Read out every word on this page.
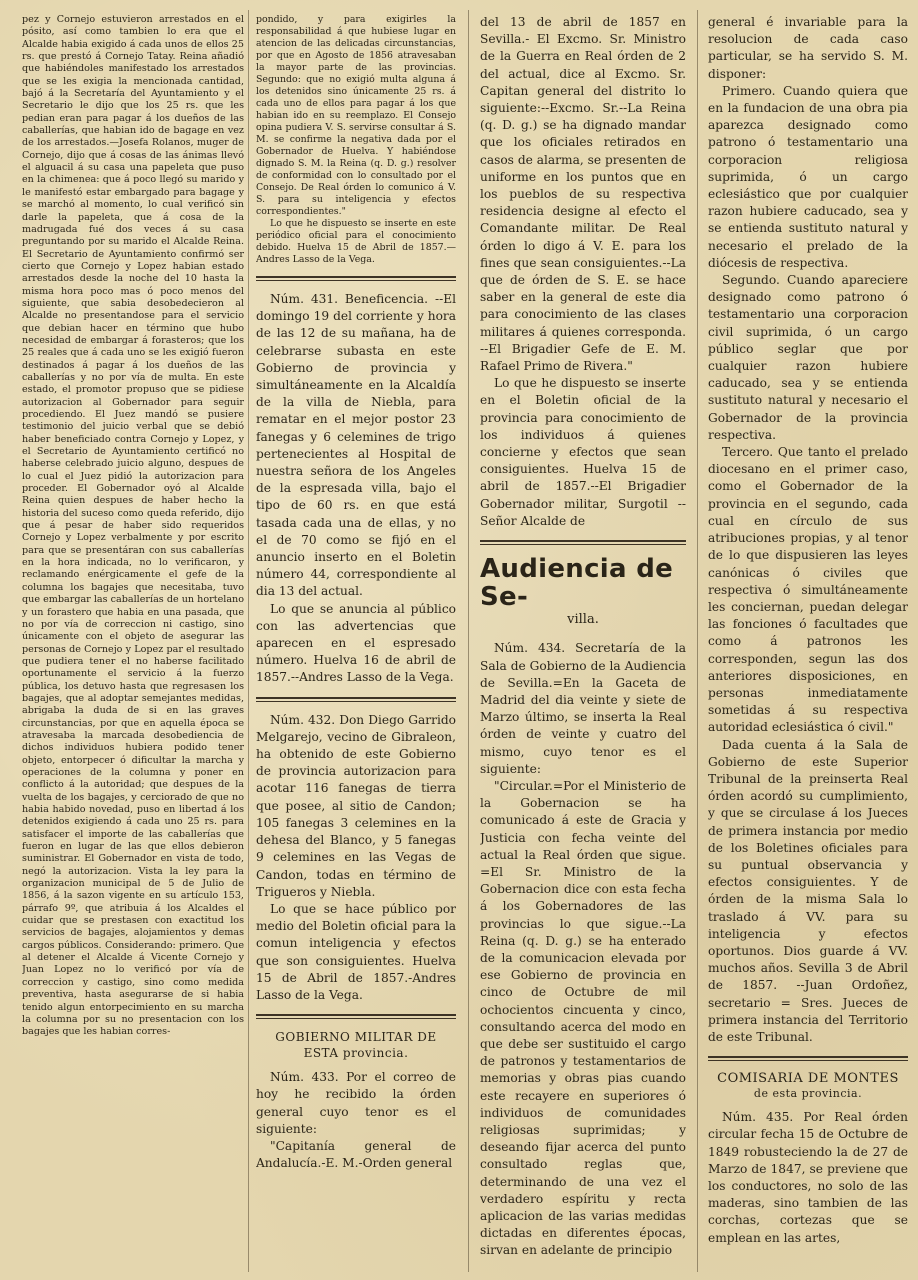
pez y Cornejo estuvieron arrestados en el pósito, así como tambien lo era que el Alcalde habia exigido á cada unos de ellos 25 rs. que prestó á Cornejo Tatay. Reina añadió que habiéndoles manifestado los arrestados que se les exigia la mencionada cantidad, bajó á la Secretaría del Ayuntamiento y el Secretario le dijo que los 25 rs. que les pedian eran para pagar á los dueños de las caballerías, que habian ido de bagage en vez de los arrestados.—Josefa Rolanos, muger de Cornejo, dijo que á cosas de las ánimas llevó el alguacil á su casa una papeleta que puso en la chimenea: que á poco llegó su marido y le manifestó estar embargado para bagage y se marchó al momento, lo cual verificó sin darle la papeleta, que á cosa de la madrugada fué dos veces á su casa preguntando por su marido el Alcalde Reina. El Secretario de Ayuntamiento confirmó ser cierto que Cornejo y Lopez habian estado arrestados desde la noche del 10 hasta la misma hora poco mas ó poco menos del siguiente, que sabia desobedecieron al Alcalde no presentandose para el servicio que debian hacer en término que hubo necesidad de embargar á forasteros; que los 25 reales que á cada uno se les exigió fueron destinados á pagar á los dueños de las caballerías y no por vía de multa. En este estado, el promotor propuso que se pidiese autorizacion al Gobernador para seguir procediendo. El Juez mandó se pusiere testimonio del juicio verbal que se debió haber beneficiado contra Cornejo y Lopez, y el Secretario de Ayuntamiento certificó no haberse celebrado juicio alguno, despues de lo cual el Juez pidió la autorizacion para proceder. El Gobernador oyó al Alcalde Reina quien despues de haber hecho la historia del suceso como queda referido, dijo que á pesar de haber sido requeridos Cornejo y Lopez verbalmente y por escrito para que se presentáran con sus caballerías en la hora indicada, no lo verificaron, y reclamando enérgicamente el gefe de la columna los bagajes que necesitaba, tuvo que embargar las caballerías de un hortelano y un forastero que habia en una pasada, que no por vía de correccion ni castigo, sino únicamente con el objeto de asegurar las personas de Cornejo y Lopez par el resultado que pudiera tener el no haberse facilitado oportunamente el servicio á la fuerzo pública, los detuvo hasta que regresasen los bagajes, que al adoptar semejantes medidas, abrigaba la duda de si en las graves circunstancias, por que en aquella época se atravesaba la marcada desobediencia de dichos individuos hubiera podido tener objeto, entorpecer ó dificultar la marcha y operaciones de la columna y poner en conflicto á la autoridad; que despues de la vuelta de los bagajes, y cerciorado de que no habia habido novedad, puso en libertad á los detenidos exigiendo á cada uno 25 rs. para satisfacer el importe de las caballerías que fueron en lugar de las que ellos debieron suministrar. El Gobernador en vista de todo, negó la autorizacion. Vista la ley para la organizacion municipal de 5 de Julio de 1856, á la sazon vigente en su artículo 153, párrafo 9º, que atribuia á los Alcaldes el cuidar que se prestasen con exactitud los servicios de bagajes, alojamientos y demas cargos públicos. Considerando: primero. Que al detener el Alcalde á Vicente Cornejo y Juan Lopez no lo verificó por vía de correccion y castigo, sino como medida preventiva, hasta asegurarse de si habia tenido algun entorpecimiento en su marcha la columna por su no presentacion con los bagajes que les habian corres-

pondido, y para exigirles la responsabilidad á que hubiese lugar en atencion de las delicadas circunstancias, por que en Agosto de 1856 atravesaban la mayor parte de las provincias. Segundo: que no exigió multa alguna á los detenidos sino únicamente 25 rs. á cada uno de ellos para pagar á los que habian ido en su reemplazo. El Consejo opina pudiera V. S. servirse consultar á S. M. se confirme la negativa dada por el Gobernador de Huelva. Y habiéndose dignado S. M. la Reina (q. D. g.) resolver de conformidad con lo consultado por el Consejo. De Real órden lo comunico á V. S. para su inteligencia y efectos correspondientes."

Lo que he dispuesto se inserte en este periódico oficial para el conocimiento debido. Huelva 15 de Abril de 1857.—Andres Lasso de la Vega.

Núm. 431. Beneficencia. --El domingo 19 del corriente y hora de las 12 de su mañana, ha de celebrarse subasta en este Gobierno de provincia y simultáneamente en la Alcaldía de la villa de Niebla, para rematar en el mejor postor 23 fanegas y 6 celemines de trigo pertenecientes al Hospital de nuestra señora de los Angeles de la espresada villa, bajo el tipo de 60 rs. en que está tasada cada una de ellas, y no el de 70 como se fijó en el anuncio inserto en el Boletin número 44, correspondiente al dia 13 del actual.

Lo que se anuncia al público con las advertencias que aparecen en el espresado número. Huelva 16 de abril de 1857.--Andres Lasso de la Vega.

Núm. 432. Don Diego Garrido Melgarejo, vecino de Gibraleon, ha obtenido de este Gobierno de provincia autorizacion para acotar 116 fanegas de tierra que posee, al sitio de Candon; 105 fanegas 3 celemines en la dehesa del Blanco, y 5 fanegas 9 celemines en las Vegas de Candon, todas en término de Trigueros y Niebla.

Lo que se hace público por medio del Boletin oficial para la comun inteligencia y efectos que son consiguientes. Huelva 15 de Abril de 1857.-Andres Lasso de la Vega.

GOBIERNO MILITAR DE ESTA provincia.

Núm. 433. Por el correo de hoy he recibido la órden general cuyo tenor es el siguiente:

"Capitanía general de Andalucía.-E. M.-Orden general

del 13 de abril de 1857 en Sevilla.- El Excmo. Sr. Ministro de la Guerra en Real órden de 2 del actual, dice al Excmo. Sr. Capitan general del distrito lo siguiente:--Excmo. Sr.--La Reina (q. D. g.) se ha dignado mandar que los oficiales retirados en casos de alarma, se presenten de uniforme en los puntos que en los pueblos de su respectiva residencia designe al efecto el Comandante militar. De Real órden lo digo á V. E. para los fines que sean consiguientes.--La que de órden de S. E. se hace saber en la general de este dia para conocimiento de las clases militares á quienes corresponda. --El Brigadier Gefe de E. M. Rafael Primo de Rivera."

Lo que he dispuesto se inserte en el Boletin oficial de la provincia para conocimiento de los individuos á quienes concierne y efectos que sean consiguientes. Huelva 15 de abril de 1857.--El Brigadier Gobernador militar, Surgotil --Señor Alcalde de

Audiencia de Se-
villa.

Núm. 434. Secretaría de la Sala de Gobierno de la Audiencia de Sevilla.=En la Gaceta de Madrid del dia veinte y siete de Marzo último, se inserta la Real órden de veinte y cuatro del mismo, cuyo tenor es el siguiente:

"Circular.=Por el Ministerio de la Gobernacion se ha comunicado á este de Gracia y Justicia con fecha veinte del actual la Real órden que sigue. =El Sr. Ministro de la Gobernacion dice con esta fecha á los Gobernadores de las provincias lo que sigue.--La Reina (q. D. g.) se ha enterado de la comunicacion elevada por ese Gobierno de provincia en cinco de Octubre de mil ochocientos cincuenta y cinco, consultando acerca del modo en que debe ser sustituido el cargo de patronos y testamentarios de memorias y obras pias cuando este recayere en superiores ó individuos de comunidades religiosas suprimidas; y deseando fijar acerca del punto consultado reglas que, determinando de una vez el verdadero espíritu y recta aplicacion de las varias medidas dictadas en diferentes épocas, sirvan en adelante de principio

general é invariable para la resolucion de cada caso particular, se ha servido S. M. disponer:

Primero. Cuando quiera que en la fundacion de una obra pia aparezca designado como patrono ó testamentario una corporacion religiosa suprimida, ó un cargo eclesiástico que por cualquier razon hubiere caducado, sea y se entienda sustituto natural y necesario el prelado de la diócesis de respectiva.

Segundo. Cuando apareciere designado como patrono ó testamentario una corporacion civil suprimida, ó un cargo público seglar que por cualquier razon hubiere caducado, sea y se entienda sustituto natural y necesario el Gobernador de la provincia respectiva.

Tercero. Que tanto el prelado diocesano en el primer caso, como el Gobernador de la provincia en el segundo, cada cual en círculo de sus atribuciones propias, y al tenor de lo que dispusieren las leyes canónicas ó civiles que respectiva ó simultáneamente les conciernan, puedan delegar las fonciones ó facultades que como á patronos les corresponden, segun las dos anteriores disposiciones, en personas inmediatamente sometidas á su respectiva autoridad eclesiástica ó civil."

Dada cuenta á la Sala de Gobierno de este Superior Tribunal de la preinserta Real órden acordó su cumplimiento, y que se circulase á los Jueces de primera instancia por medio de los Boletines oficiales para su puntual observancia y efectos consiguientes. Y de órden de la misma Sala lo traslado á VV. para su inteligencia y efectos oportunos. Dios guarde á VV. muchos años. Sevilla 3 de Abril de 1857. --Juan Ordoñez, secretario = Sres. Jueces de primera instancia del Territorio de este Tribunal.

COMISARIA DE MONTES
de esta provincia.

Núm. 435. Por Real órden circular fecha 15 de Octubre de 1849 robusteciendo la de 27 de Marzo de 1847, se previene que los conductores, no solo de las maderas, sino tambien de las corchas, cortezas que se emplean en las artes,
